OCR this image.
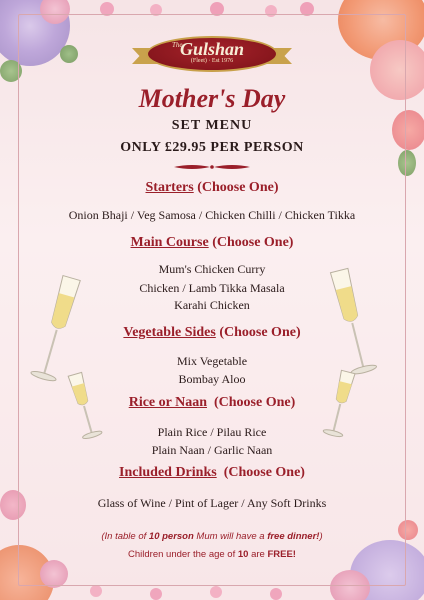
The
Gulshan
(Fleet) · Est 1976
Mother's Day
SET MENU
ONLY £29.95 PER PERSON
Starters (Choose One)
Onion Bhaji / Veg Samosa / Chicken Chilli / Chicken Tikka
Main Course (Choose One)
Mum's Chicken Curry
Chicken / Lamb Tikka Masala
Karahi Chicken
Vegetable Sides (Choose One)
Mix Vegetable
Bombay Aloo
Rice or Naan  (Choose One)
Plain Rice / Pilau Rice
Plain Naan / Garlic Naan
Included Drinks  (Choose One)
Glass of Wine / Pint of Lager / Any Soft Drinks
(In table of 10 person Mum will have a free dinner!)
Children under the age of 10 are FREE!
